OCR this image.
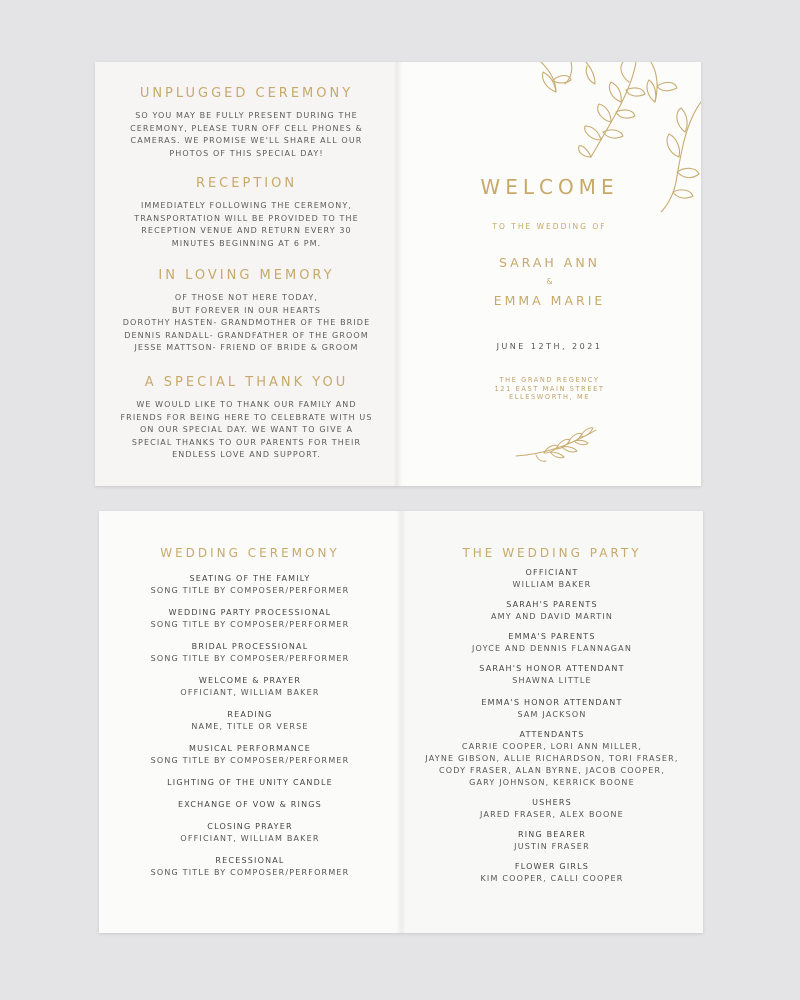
UNPLUGGED CEREMONY
SO YOU MAY BE FULLY PRESENT DURING THE
CEREMONY, PLEASE TURN OFF CELL PHONES &
CAMERAS. WE PROMISE WE'LL SHARE ALL OUR
PHOTOS OF THIS SPECIAL DAY!
RECEPTION
IMMEDIATELY FOLLOWING THE CEREMONY,
TRANSPORTATION WILL BE PROVIDED TO THE
RECEPTION VENUE AND RETURN EVERY 30
MINUTES BEGINNING AT 6 PM.
IN LOVING MEMORY
OF THOSE NOT HERE TODAY,
BUT FOREVER IN OUR HEARTS
DOROTHY HASTEN- GRANDMOTHER OF THE BRIDE
DENNIS RANDALL- GRANDFATHER OF THE GROOM
JESSE MATTSON- FRIEND OF BRIDE & GROOM
A SPECIAL THANK YOU
WE WOULD LIKE TO THANK OUR FAMILY AND
FRIENDS FOR BEING HERE TO CELEBRATE WITH US
ON OUR SPECIAL DAY. WE WANT TO GIVE A
SPECIAL THANKS TO OUR PARENTS FOR THEIR
ENDLESS LOVE AND SUPPORT.
WELCOME
TO THE WEDDING OF
SARAH ANN
&
EMMA MARIE
JUNE 12TH, 2021
THE GRAND REGENCY
121 EAST MAIN STREET
ELLESWORTH, ME
WEDDING CEREMONY
SEATING OF THE FAMILY
SONG TITLE BY COMPOSER/PERFORMER
WEDDING PARTY PROCESSIONAL
SONG TITLE BY COMPOSER/PERFORMER
BRIDAL PROCESSIONAL
SONG TITLE BY COMPOSER/PERFORMER
WELCOME & PRAYER
OFFICIANT, WILLIAM BAKER
READING
NAME, TITLE OR VERSE
MUSICAL PERFORMANCE
SONG TITLE BY COMPOSER/PERFORMER
LIGHTING OF THE UNITY CANDLE
EXCHANGE OF VOW & RINGS
CLOSING PRAYER
OFFICIANT, WILLIAM BAKER
RECESSIONAL
SONG TITLE BY COMPOSER/PERFORMER
THE WEDDING PARTY
OFFICIANT
WILLIAM BAKER
SARAH'S PARENTS
AMY AND DAVID MARTIN
EMMA'S PARENTS
JOYCE AND DENNIS FLANNAGAN
SARAH'S HONOR ATTENDANT
SHAWNA LITTLE
EMMA'S HONOR ATTENDANT
SAM JACKSON
ATTENDANTS
CARRIE COOPER, LORI ANN MILLER,
JAYNE GIBSON, ALLIE RICHARDSON, TORI FRASER,
CODY FRASER, ALAN BYRNE, JACOB COOPER,
GARY JOHNSON, KERRICK BOONE
USHERS
JARED FRASER, ALEX BOONE
RING BEARER
JUSTIN FRASER
FLOWER GIRLS
KIM COOPER, CALLI COOPER
